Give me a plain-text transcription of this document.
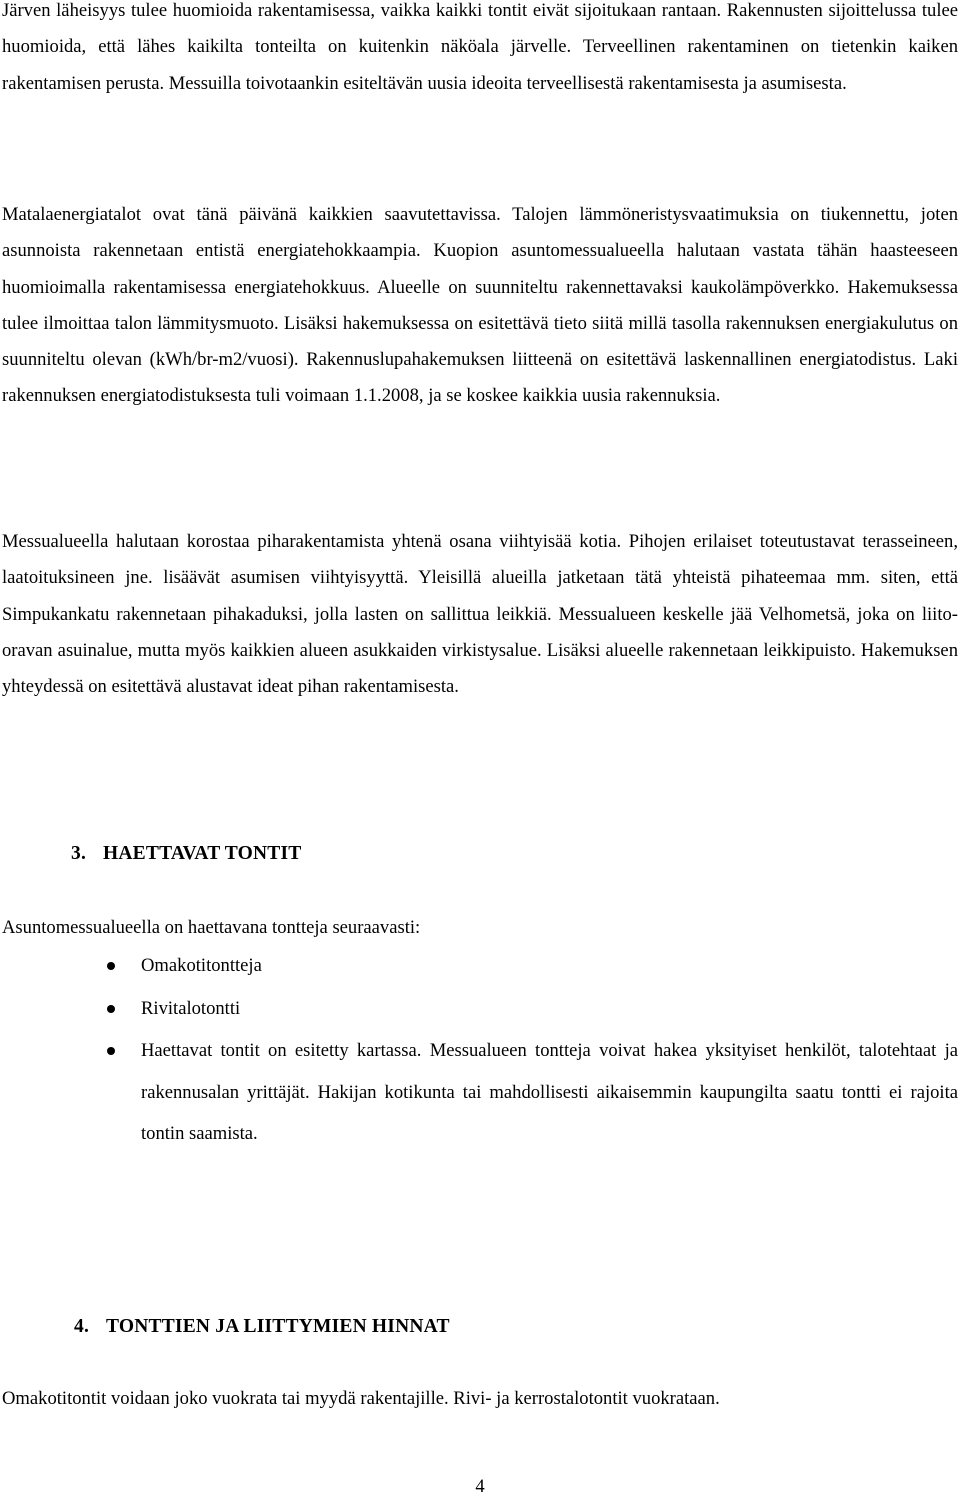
Järven läheisyys tulee huomioida rakentamisessa, vaikka kaikki tontit eivät sijoitukaan rantaan. Rakennusten sijoittelussa tulee huomioida, että lähes kaikilta tonteilta on kuitenkin näköala järvelle. Terveellinen rakentaminen on tietenkin kaiken rakentamisen perusta. Messuilla toivotaankin esiteltävän uusia ideoita terveellisestä rakentamisesta ja asumisesta.

Matalaenergiatalot ovat tänä päivänä kaikkien saavutettavissa. Talojen lämmöneristysvaatimuksia on tiukennettu, joten asunnoista rakennetaan entistä energiatehokkaampia. Kuopion asuntomessualueella halutaan vastata tähän haasteeseen huomioimalla rakentamisessa energiatehokkuus. Alueelle on suunniteltu rakennettavaksi kaukolämpöverkko. Hakemuksessa tulee ilmoittaa talon lämmitysmuoto. Lisäksi hakemuksessa on esitettävä tieto siitä millä tasolla rakennuksen energiakulutus on suunniteltu olevan (kWh/br-m2/vuosi). Rakennuslupahakemuksen liitteenä on esitettävä laskennallinen energiatodistus. Laki rakennuksen energiatodistuksesta tuli voimaan 1.1.2008, ja se koskee kaikkia uusia rakennuksia.

Messualueella halutaan korostaa piharakentamista yhtenä osana viihtyisää kotia. Pihojen erilaiset toteutustavat terasseineen, laatoituksineen jne. lisäävät asumisen viihtyisyyttä. Yleisillä alueilla jatketaan tätä yhteistä pihateemaa mm. siten, että Simpukankatu rakennetaan pihakaduksi, jolla lasten on sallittua leikkiä. Messualueen keskelle jää Velhometsä, joka on liito-oravan asuinalue, mutta myös kaikkien alueen asukkaiden virkistysalue. Lisäksi alueelle rakennetaan leikkipuisto. Hakemuksen yhteydessä on esitettävä alustavat ideat pihan rakentamisesta.

3. HAETTAVAT TONTIT

Asuntomessualueella on haettavana tontteja seuraavasti:

Omakotitontteja
Rivitalotontti
Haettavat tontit on esitetty kartassa. Messualueen tontteja voivat hakea yksityiset henkilöt, talotehtaat ja rakennusalan yrittäjät. Hakijan kotikunta tai mahdollisesti aikaisemmin kaupungilta saatu tontti ei rajoita tontin saamista.
4. TONTTIEN JA LIITTYMIEN HINNAT

Omakotitontit voidaan joko vuokrata tai myydä rakentajille. Rivi- ja kerrostalotontit vuokrataan.

4
